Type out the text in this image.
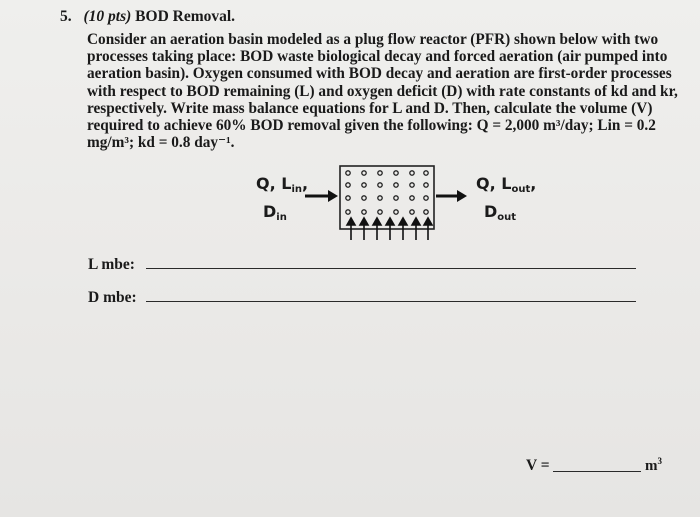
5. (10 pts) BOD Removal.
Consider an aeration basin modeled as a plug flow reactor (PFR) shown below with two
processes taking place: BOD waste biological decay and forced aeration (air pumped into
aeration basin). Oxygen consumed with BOD decay and aeration are first-order processes
with respect to BOD remaining (L) and oxygen deficit (D) with rate constants of kd and kr,
respectively. Write mass balance equations for L and D. Then, calculate the volume (V)
required to achieve 60% BOD removal given the following: Q = 2,000 m³/day; Lin = 0.2
mg/m³; kd = 0.8 day⁻¹.
Q, $L_{in}$,
$D_{in}$
Q, $L_{out}$,
$D_{out}$
L mbe:
D mbe:
V =	$m^3$
